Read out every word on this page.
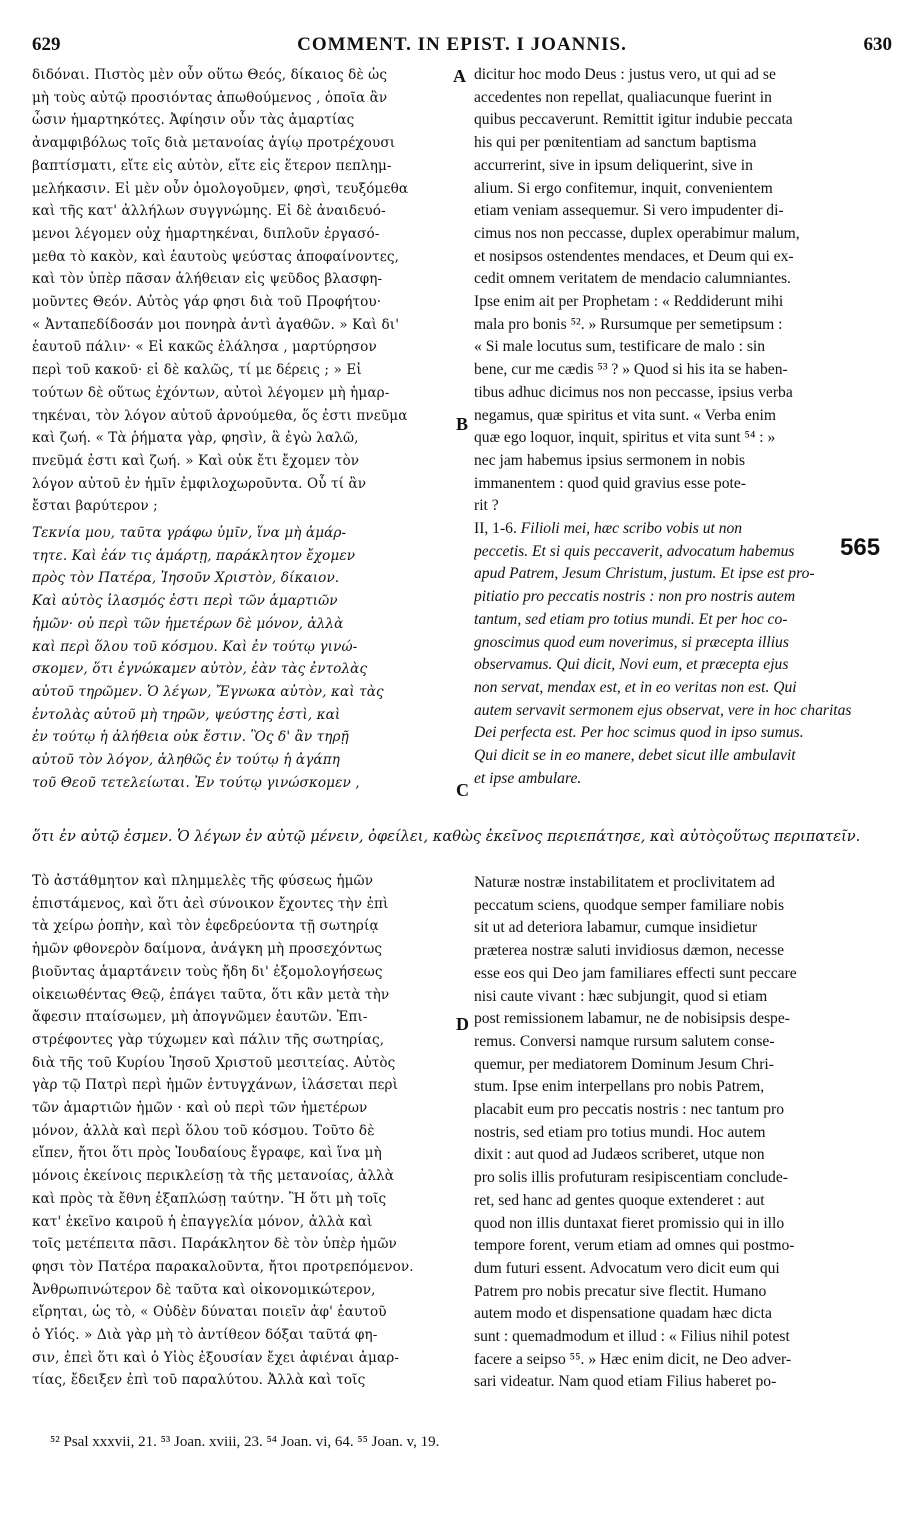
629	COMMENT. IN EPIST. I JOANNIS.	630
διδόναι. Πιστὸς μὲν οὖν οὕτω Θεός, δίκαιος δὲ ὡς
μὴ τοὺς αὐτῷ προσιόντας ἀπωθούμενος , ὁποῖα ἂν
ὦσιν ἡμαρτηκότες. Ἀφίησιν οὖν τὰς ἁμαρτίας
ἀναμφιβόλως τοῖς διὰ μετανοίας ἁγίῳ προτρέχουσι
βαπτίσματι, εἴτε εἰς αὐτὸν, εἴτε εἰς ἕτερον πεπλημ-
μελήκασιν. Εἰ μὲν οὖν ὁμολογοῦμεν, φησὶ, τευξόμεθα
καὶ τῆς κατ' ἀλλήλων συγγνώμης. Εἰ δὲ ἀναιδευό-
μενοι λέγομεν οὐχ ἡμαρτηκέναι, διπλοῦν ἐργασό-
μεθα τὸ κακὸν, καὶ ἑαυτοὺς ψεύστας ἀποφαίνοντες,
καὶ τὸν ὑπὲρ πᾶσαν ἀλήθειαν εἰς ψεῦδος βλασφη-
μοῦντες Θεόν. Αὐτὸς γάρ φησι διὰ τοῦ Προφήτου·
« Ἀνταπεδίδοσάν μοι πονηρὰ ἀντὶ ἀγαθῶν. » Καὶ δι'
ἑαυτοῦ πάλιν· « Εἰ κακῶς ἐλάλησα , μαρτύρησον
περὶ τοῦ κακοῦ· εἰ δὲ καλῶς, τί με δέρεις ; » Εἰ
τούτων δὲ οὕτως ἐχόντων, αὐτοὶ λέγομεν μὴ ἡμαρ-
τηκέναι, τὸν λόγον αὐτοῦ ἀρνούμεθα, ὅς ἐστι πνεῦμα
καὶ ζωή. « Τὰ ῥήματα γὰρ, φησὶν, ἃ ἐγὼ λαλῶ,
πνεῦμά ἐστι καὶ ζωή. » Καὶ οὐκ ἔτι ἔχομεν τὸν
λόγον αὐτοῦ ἐν ἡμῖν ἐμφιλοχωροῦντα. Οὗ τί ἂν
ἔσται βαρύτερον ;
Τεκνία μου, ταῦτα γράφω ὑμῖν, ἵνα μὴ ἁμάρ-
τητε. Καὶ ἐάν τις ἁμάρτῃ, παράκλητον ἔχομεν
πρὸς τὸν Πατέρα, Ἰησοῦν Χριστὸν, δίκαιον.
Καὶ αὐτὸς ἱλασμός ἐστι περὶ τῶν ἁμαρτιῶν
ἡμῶν· οὐ περὶ τῶν ἡμετέρων δὲ μόνον, ἀλλὰ
καὶ περὶ ὅλου τοῦ κόσμου. Καὶ ἐν τούτῳ γινώ-
σκομεν, ὅτι ἐγνώκαμεν αὐτὸν, ἐὰν τὰς ἐντολὰς
αὐτοῦ τηρῶμεν. Ὁ λέγων, Ἔγνωκα αὐτὸν, καὶ τὰς
ἐντολὰς αὐτοῦ μὴ τηρῶν, ψεύστης ἐστὶ, καὶ
ἐν τούτῳ ἡ ἀλήθεια οὐκ ἔστιν. Ὃς δ' ἂν τηρῇ
αὐτοῦ τὸν λόγον, ἀληθῶς ἐν τούτῳ ἡ ἀγάπη
τοῦ Θεοῦ τετελείωται. Ἐν τούτῳ γινώσκομεν ,
dicitur hoc modo Deus : justus vero, ut qui ad se
accedentes non repellat, qualiacunque fuerint in
quibus peccaverunt. Remittit igitur indubie peccata
his qui per pœnitentiam ad sanctum baptisma
accurrerint, sive in ipsum deliquerint, sive in
alium. Si ergo confitemur, inquit, convenientem
etiam veniam assequemur. Si vero impudenter di-
cimus nos non peccasse, duplex operabimur malum,
et nosipsos ostendentes mendaces, et Deum qui ex-
cedit omnem veritatem de mendacio calumniantes.
Ipse enim ait per Prophetam : « Reddiderunt mihi
mala pro bonis ⁵². » Rursumque per semetipsum :
« Si male locutus sum, testificare de malo : sin
bene, cur me cædis ⁵³ ? » Quod si his ita se haben-
tibus adhuc dicimus nos non peccasse, ipsius verba
negamus, quæ spiritus et vita sunt. « Verba enim
quæ ego loquor, inquit, spiritus et vita sunt ⁵⁴ : »
nec jam habemus ipsius sermonem in nobis
immanentem : quod quid gravius esse pote-
rit ?
II, 1-6. Filioli mei, hæc scribo vobis ut non
peccetis. Et si quis peccaverit, advocatum habemus
apud Patrem, Jesum Christum, justum. Et ipse est pro-
pitiatio pro peccatis nostris : non pro nostris autem
tantum, sed etiam pro totius mundi. Et per hoc co-
gnoscimus quod eum noverimus, si præcepta illius
observamus. Qui dicit, Novi eum, et præcepta ejus
non servat, mendax est, et in eo veritas non est. Qui
autem servavit sermonem ejus observat, vere in hoc charitas
Dei perfecta est. Per hoc scimus quod in ipso sumus.
Qui dicit se in eo manere, debet sicut ille ambulavit
et ipse ambulare.
ὅτι ἐν αὐτῷ ἐσμεν. Ὁ λέγων ἐν αὐτῷ μένειν, ὀφείλει, καθὼς ἐκεῖνος περιεπάτησε, καὶ αὐτὸςοὕτως περιπατεῖν.
Τὸ ἀστάθμητον καὶ πλημμελὲς τῆς φύσεως ἡμῶν
ἐπιστάμενος, καὶ ὅτι ἀεὶ σύνοικον ἔχοντες τὴν ἐπὶ
τὰ χείρω ῥοπὴν, καὶ τὸν ἐφεδρεύοντα τῇ σωτηρίᾳ
ἡμῶν φθονερὸν δαίμονα, ἀνάγκη μὴ προσεχόντως
βιοῦντας ἁμαρτάνειν τοὺς ἤδη δι' ἐξομολογήσεως
οἰκειωθέντας Θεῷ, ἐπάγει ταῦτα, ὅτι κἂν μετὰ τὴν
ἄφεσιν πταίσωμεν, μὴ ἀπογνῶμεν ἑαυτῶν. Ἐπι-
στρέφοντες γὰρ τύχωμεν καὶ πάλιν τῆς σωτηρίας,
διὰ τῆς τοῦ Κυρίου Ἰησοῦ Χριστοῦ μεσιτείας. Αὐτὸς
γὰρ τῷ Πατρὶ περὶ ἡμῶν ἐντυγχάνων, ἱλάσεται περὶ
τῶν ἁμαρτιῶν ἡμῶν · καὶ οὐ περὶ τῶν ἡμετέρων
μόνον, ἀλλὰ καὶ περὶ ὅλου τοῦ κόσμου. Τοῦτο δὲ
εἴπεν, ἤτοι ὅτι πρὸς Ἰουδαίους ἔγραφε, καὶ ἵνα μὴ
μόνοις ἐκείνοις περικλείσῃ τὰ τῆς μετανοίας, ἀλλὰ
καὶ πρὸς τὰ ἔθνη ἐξαπλώσῃ ταύτην. Ἢ ὅτι μὴ τοῖς
κατ' ἐκεῖνο καιροῦ ἡ ἐπαγγελία μόνον, ἀλλὰ καὶ
τοῖς μετέπειτα πᾶσι. Παράκλητον δὲ τὸν ὑπὲρ ἡμῶν
φησι τὸν Πατέρα παρακαλοῦντα, ἤτοι προτρεπόμενον.
Ἀνθρωπινώτερον δὲ ταῦτα καὶ οἰκονομικώτερον,
εἴρηται, ὡς τὸ, « Οὐδὲν δύναται ποιεῖν ἀφ' ἑαυτοῦ
ὁ Υἱός. » Διὰ γὰρ μὴ τὸ ἀντίθεον δόξαι ταῦτά φη-
σιν, ἐπεὶ ὅτι καὶ ὁ Υἱὸς ἐξουσίαν ἔχει ἀφιέναι ἁμαρ-
τίας, ἔδειξεν ἐπὶ τοῦ παραλύτου. Ἀλλὰ καὶ τοῖς
Naturæ nostræ instabilitatem et proclivitatem ad
peccatum sciens, quodque semper familiare nobis
sit ut ad deteriora labamur, cumque insidietur
præterea nostræ saluti invidiosus dæmon, necesse
esse eos qui Deo jam familiares effecti sunt peccare
nisi caute vivant : hæc subjungit, quod si etiam
post remissionem labamur, ne de nobisipsis despe-
remus. Conversi namque rursum salutem conse-
quemur, per mediatorem Dominum Jesum Chri-
stum. Ipse enim interpellans pro nobis Patrem,
placabit eum pro peccatis nostris : nec tantum pro
nostris, sed etiam pro totius mundi. Hoc autem
dixit : aut quod ad Judæos scriberet, utque non
pro solis illis profuturam resipiscentiam conclude-
ret, sed hanc ad gentes quoque extenderet : aut
quod non illis duntaxat fieret promissio qui in illo
tempore forent, verum etiam ad omnes qui postmo-
dum futuri essent. Advocatum vero dicit eum qui
Patrem pro nobis precatur sive flectit. Humano
autem modo et dispensatione quadam hæc dicta
sunt : quemadmodum et illud : « Filius nihil potest
facere a seipso ⁵⁵. » Hæc enim dicit, ne Deo adver-
sari videatur. Nam quod etiam Filius haberet po-
A
B
C
D
565
⁵² Psal xxxvii, 21. ⁵³ Joan. xviii, 23. ⁵⁴ Joan. vi, 64. ⁵⁵ Joan. v, 19.
